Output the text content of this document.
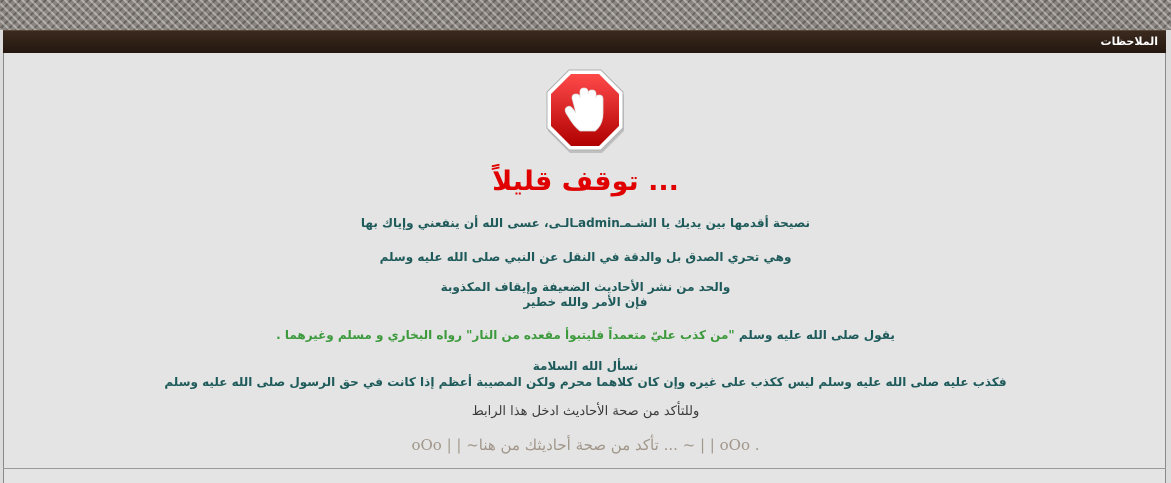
الملاحظات
توقف قليلاً ...
نصيحة أقدمها بين يديك يا الشـمـadminـالـى، عسى الله أن ينفعني وإياك بها
وهي تحري الصدق بل والدقة في النقل عن النبي صلى الله عليه وسلم
والحد من نشر الأحاديث الضعيفة وإيقاف المكذوبة
فإن الأمر والله خطير
يقول صلى الله عليه وسلم "من كذب عليّ متعمداً فليتبوأ مقعده من النار" رواه البخاري و مسلم وغيرهما .
نسأل الله السلامة
فكذب عليه صلى الله عليه وسلم ليس ككذب على غيره وإن كان كلاهما محرم ولكن المصيبة أعظم إذا كانت في حق الرسول صلى الله عليه وسلم
وللتأكد من صحة الأحاديث ادخل هذا الرابط
oOo | | ~تأكد من صحة أحاديثك من هنا ... ~ | | oOo .
